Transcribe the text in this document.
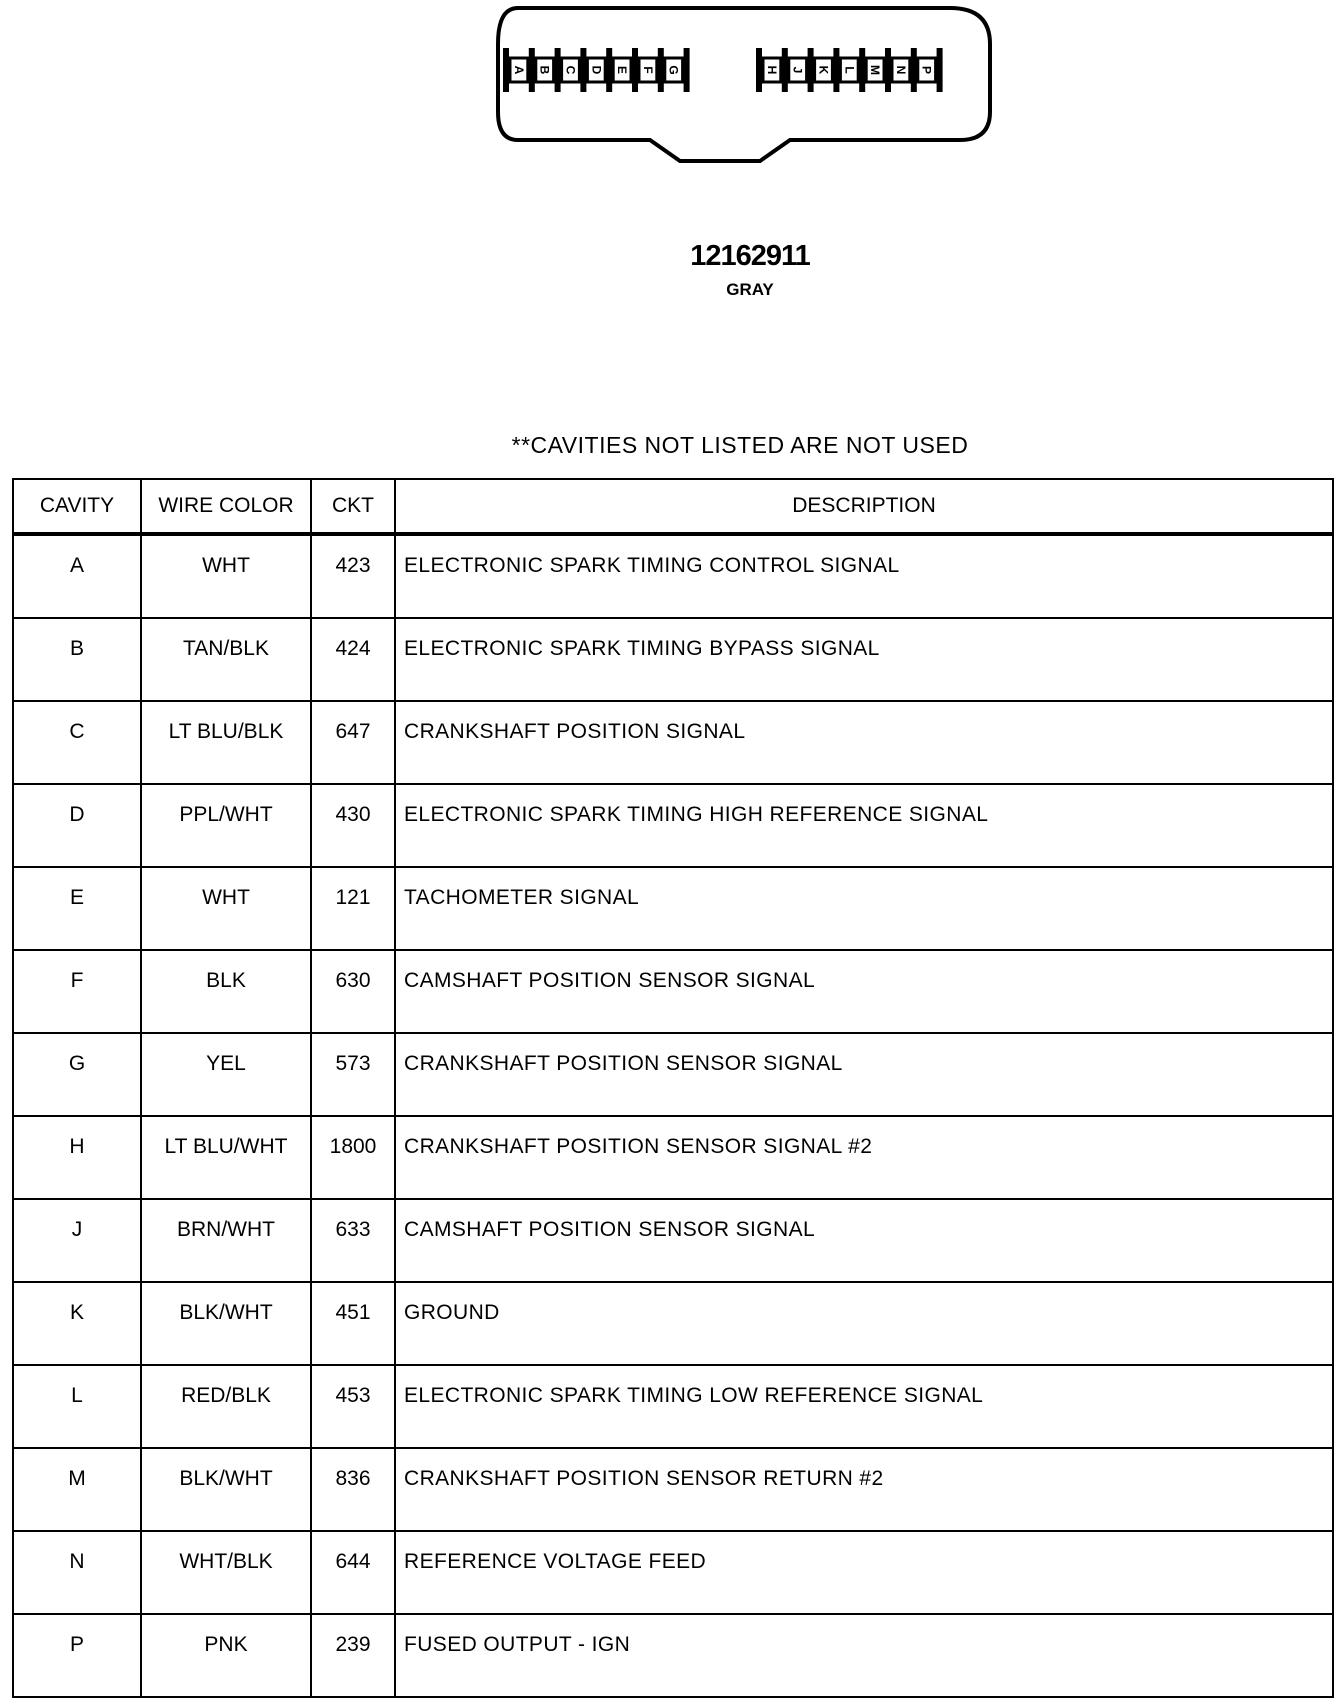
A B C D E F G	H J K L M N P
12162911
GRAY
**CAVITIES NOT LISTED ARE NOT USED
CAVITY	WIRE COLOR	CKT	DESCRIPTION
A	WHT	423	ELECTRONIC SPARK TIMING CONTROL SIGNAL
B	TAN/BLK	424	ELECTRONIC SPARK TIMING BYPASS SIGNAL
C	LT BLU/BLK	647	CRANKSHAFT POSITION SIGNAL
D	PPL/WHT	430	ELECTRONIC SPARK TIMING HIGH REFERENCE SIGNAL
E	WHT	121	TACHOMETER SIGNAL
F	BLK	630	CAMSHAFT POSITION SENSOR SIGNAL
G	YEL	573	CRANKSHAFT POSITION SENSOR SIGNAL
H	LT BLU/WHT	1800	CRANKSHAFT POSITION SENSOR SIGNAL #2
J	BRN/WHT	633	CAMSHAFT POSITION SENSOR SIGNAL
K	BLK/WHT	451	GROUND
L	RED/BLK	453	ELECTRONIC SPARK TIMING LOW REFERENCE SIGNAL
M	BLK/WHT	836	CRANKSHAFT POSITION SENSOR RETURN #2
N	WHT/BLK	644	REFERENCE VOLTAGE FEED
P	PNK	239	FUSED OUTPUT - IGN
